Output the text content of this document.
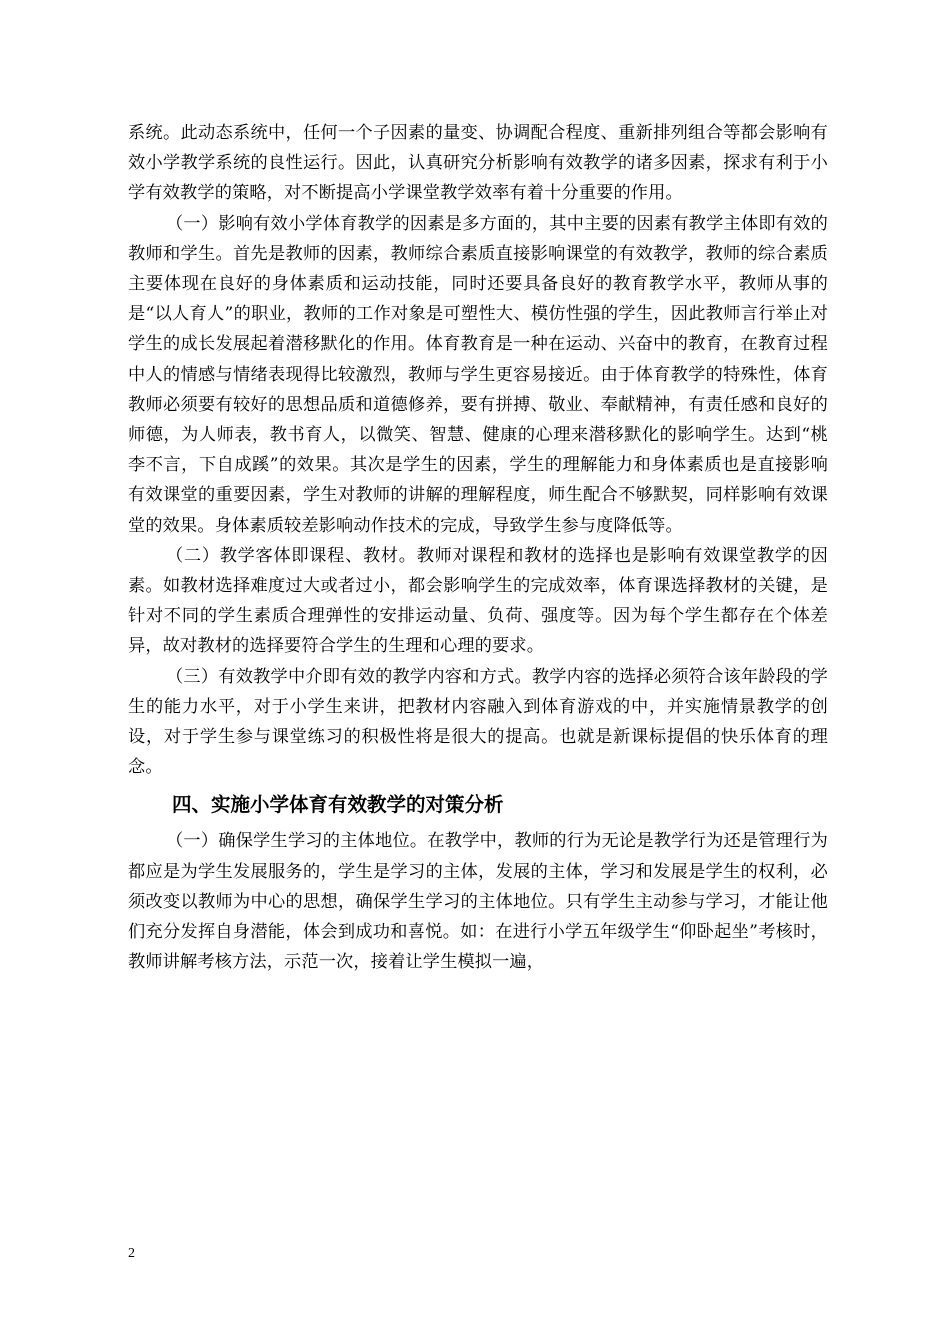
系统。此动态系统中，任何一个子因素的量变、协调配合程度、重新排列组合等都会影响有效小学教学系统的良性运行。因此，认真研究分析影响有效教学的诸多因素，探求有利于小学有效教学的策略，对不断提高小学课堂教学效率有着十分重要的作用。

（一）影响有效小学体育教学的因素是多方面的，其中主要的因素有教学主体即有效的教师和学生。首先是教师的因素，教师综合素质直接影响课堂的有效教学，教师的综合素质主要体现在良好的身体素质和运动技能，同时还要具备良好的教育教学水平，教师从事的是“以人育人”的职业，教师的工作对象是可塑性大、模仿性强的学生，因此教师言行举止对学生的成长发展起着潜移默化的作用。体育教育是一种在运动、兴奋中的教育，在教育过程中人的情感与情绪表现得比较激烈，教师与学生更容易接近。由于体育教学的特殊性，体育教师必须要有较好的思想品质和道德修养，要有拼搏、敬业、奉献精神，有责任感和良好的师德，为人师表，教书育人，以微笑、智慧、健康的心理来潜移默化的影响学生。达到“桃李不言，下自成蹊”的效果。其次是学生的因素，学生的理解能力和身体素质也是直接影响有效课堂的重要因素，学生对教师的讲解的理解程度，师生配合不够默契，同样影响有效课堂的效果。身体素质较差影响动作技术的完成，导致学生参与度降低等。

（二）教学客体即课程、教材。教师对课程和教材的选择也是影响有效课堂教学的因素。如教材选择难度过大或者过小，都会影响学生的完成效率，体育课选择教材的关键，是针对不同的学生素质合理弹性的安排运动量、负荷、强度等。因为每个学生都存在个体差异，故对教材的选择要符合学生的生理和心理的要求。

（三）有效教学中介即有效的教学内容和方式。教学内容的选择必须符合该年龄段的学生的能力水平，对于小学生来讲，把教材内容融入到体育游戏的中，并实施情景教学的创设，对于学生参与课堂练习的积极性将是很大的提高。也就是新课标提倡的快乐体育的理念。

四、实施小学体育有效教学的对策分析

（一）确保学生学习的主体地位。在教学中，教师的行为无论是教学行为还是管理行为都应是为学生发展服务的，学生是学习的主体，发展的主体，学习和发展是学生的权利，必须改变以教师为中心的思想，确保学生学习的主体地位。只有学生主动参与学习，才能让他们充分发挥自身潜能，体会到成功和喜悦。如：在进行小学五年级学生“仰卧起坐”考核时，教师讲解考核方法，示范一次，接着让学生模拟一遍，

2
